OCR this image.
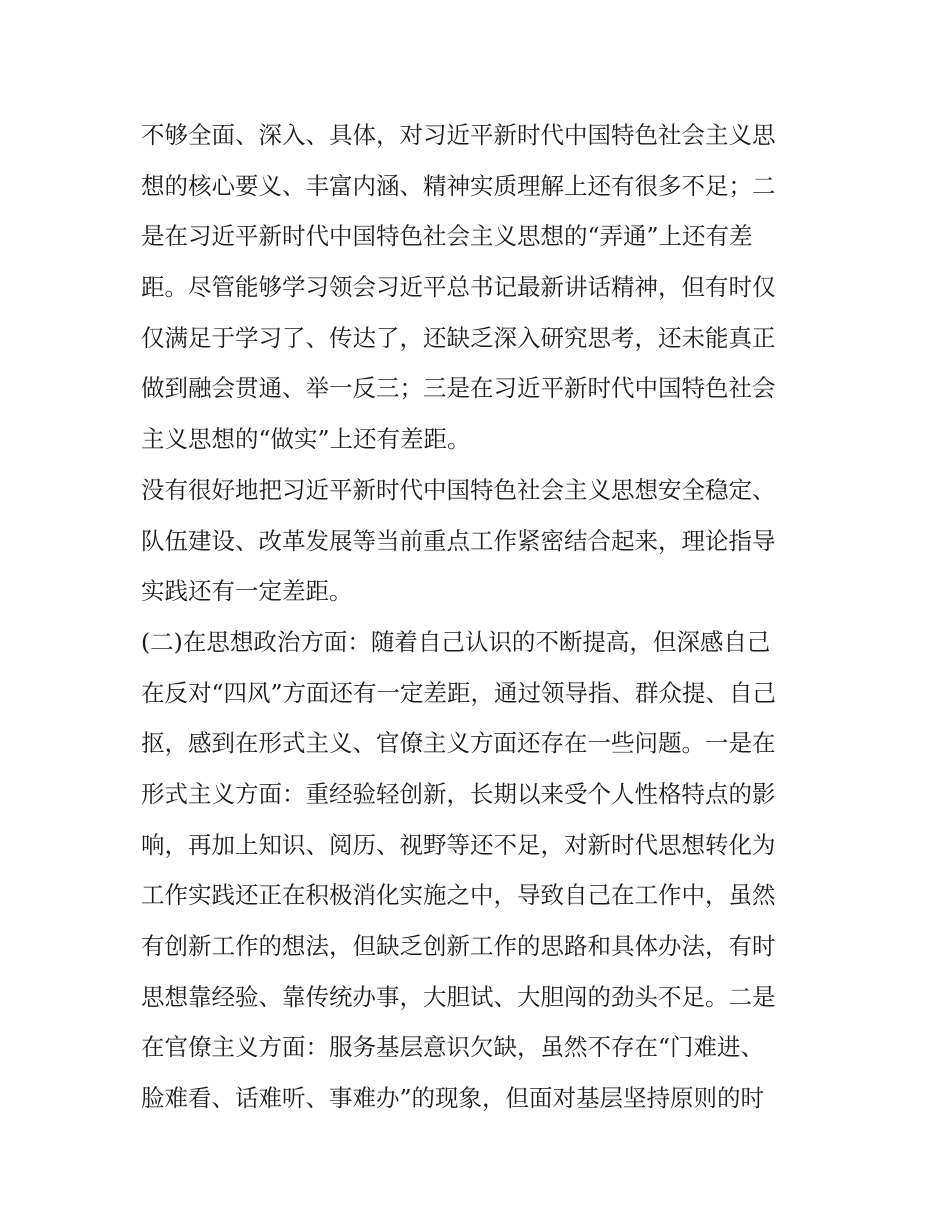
不够全面、深入、具体，对习近平新时代中国特色社会主义思
想的核心要义、丰富内涵、精神实质理解上还有很多不足；二
是在习近平新时代中国特色社会主义思想的“弄通”上还有差
距。尽管能够学习领会习近平总书记最新讲话精神，但有时仅
仅满足于学习了、传达了，还缺乏深入研究思考，还未能真正
做到融会贯通、举一反三；三是在习近平新时代中国特色社会
主义思想的“做实”上还有差距。
没有很好地把习近平新时代中国特色社会主义思想安全稳定、
队伍建设、改革发展等当前重点工作紧密结合起来，理论指导
实践还有一定差距。
(二)在思想政治方面：随着自己认识的不断提高，但深感自己
在反对“四风”方面还有一定差距，通过领导指、群众提、自己
抠，感到在形式主义、官僚主义方面还存在一些问题。一是在
形式主义方面：重经验轻创新，长期以来受个人性格特点的影
响，再加上知识、阅历、视野等还不足，对新时代思想转化为
工作实践还正在积极消化实施之中，导致自己在工作中，虽然
有创新工作的想法，但缺乏创新工作的思路和具体办法，有时
思想靠经验、靠传统办事，大胆试、大胆闯的劲头不足。二是
在官僚主义方面：服务基层意识欠缺，虽然不存在“门难进、
脸难看、话难听、事难办”的现象，但面对基层坚持原则的时
